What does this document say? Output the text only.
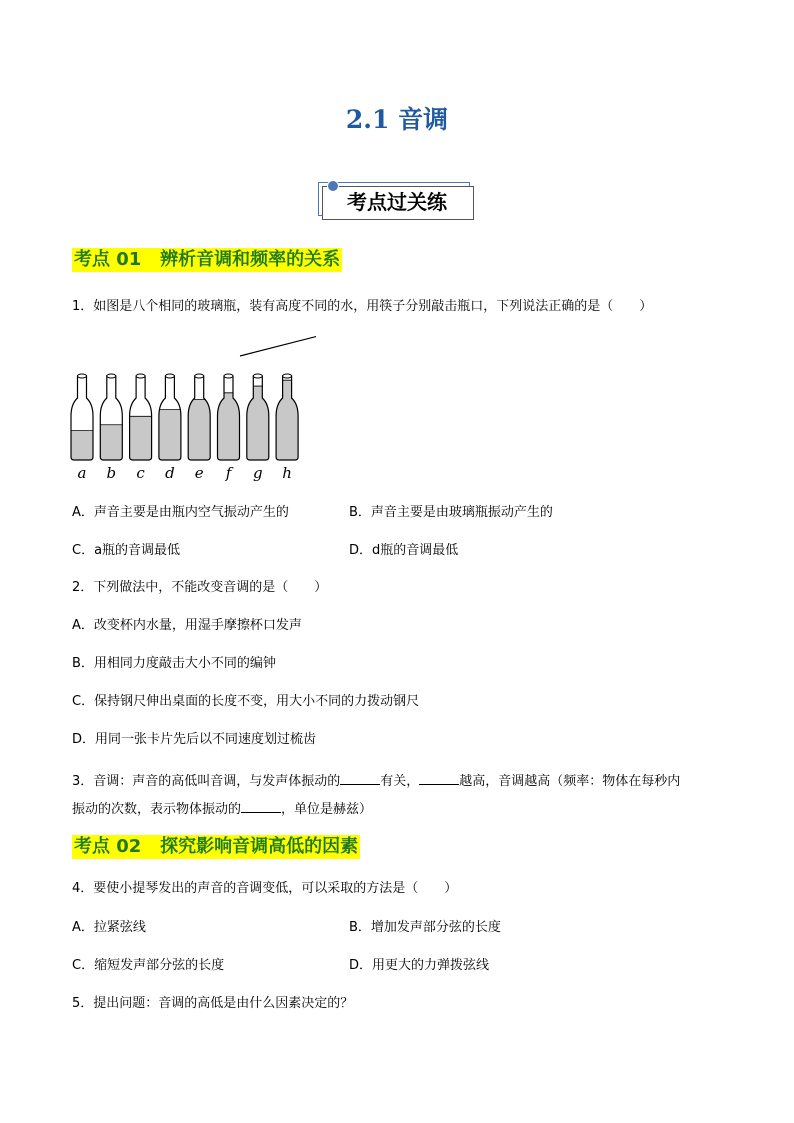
2.1 音调
考点过关练
考点 01 辨析音调和频率的关系
1．如图是八个相同的玻璃瓶，装有高度不同的水，用筷子分别敲击瓶口，下列说法正确的是（　　）
a b c d e f g h
A．声音主要是由瓶内空气振动产生的	B．声音主要是由玻璃瓶振动产生的
C．a瓶的音调最低	D．d瓶的音调最低
2．下列做法中，不能改变音调的是（　　）
A．改变杯内水量，用湿手摩擦杯口发声
B．用相同力度敲击大小不同的编钟
C．保持钢尺伸出桌面的长度不变，用大小不同的力拨动钢尺
D．用同一张卡片先后以不同速度划过梳齿
3．音调：声音的高低叫音调，与发声体振动的	有关，	越高，音调越高（频率：物体在每秒内
振动的次数，表示物体振动的	，单位是赫兹）
考点 02 探究影响音调高低的因素
4．要使小提琴发出的声音的音调变低，可以采取的方法是（　　）
A．拉紧弦线	B．增加发声部分弦的长度
C．缩短发声部分弦的长度	D．用更大的力弹拨弦线
5．提出问题：音调的高低是由什么因素决定的？
